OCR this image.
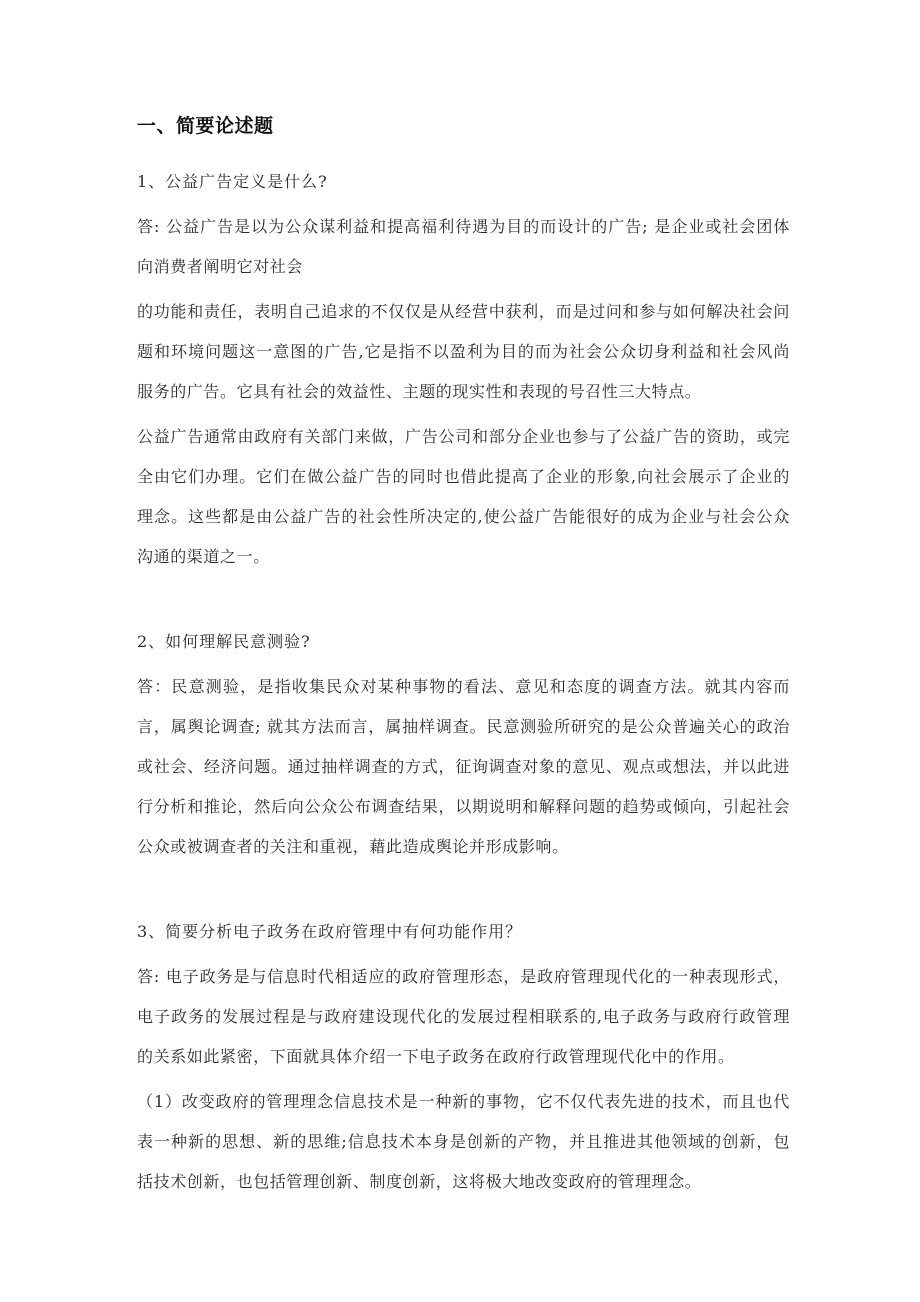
一、简要论述题

1、公益广告定义是什么?

答: 公益广告是以为公众谋利益和提高福利待遇为目的而设计的广告; 是企业或社会团体向消费者阐明它对社会

的功能和责任，表明自己追求的不仅仅是从经营中获利，而是过问和参与如何解决社会问题和环境问题这一意图的广告,它是指不以盈利为目的而为社会公众切身利益和社会风尚服务的广告。它具有社会的效益性、主题的现实性和表现的号召性三大特点。

公益广告通常由政府有关部门来做，广告公司和部分企业也参与了公益广告的资助，或完全由它们办理。它们在做公益广告的同时也借此提高了企业的形象,向社会展示了企业的理念。这些都是由公益广告的社会性所决定的,使公益广告能很好的成为企业与社会公众沟通的渠道之一。

2、如何理解民意测验?

答：民意测验，是指收集民众对某种事物的看法、意见和态度的调查方法。就其内容而言，属舆论调查; 就其方法而言，属抽样调查。民意测验所研究的是公众普遍关心的政治或社会、经济问题。通过抽样调查的方式，征询调查对象的意见、观点或想法，并以此进行分析和推论，然后向公众公布调查结果，以期说明和解释问题的趋势或倾向，引起社会公众或被调查者的关注和重视，藉此造成舆论并形成影响。

3、简要分析电子政务在政府管理中有何功能作用？

答: 电子政务是与信息时代相适应的政府管理形态，是政府管理现代化的一种表现形式，电子政务的发展过程是与政府建设现代化的发展过程相联系的,电子政务与政府行政管理的关系如此紧密，下面就具体介绍一下电子政务在政府行政管理现代化中的作用。

（1）改变政府的管理理念信息技术是一种新的事物，它不仅代表先进的技术，而且也代表一种新的思想、新的思维;信息技术本身是创新的产物，并且推进其他领域的创新，包括技术创新，也包括管理创新、制度创新，这将极大地改变政府的管理理念。
